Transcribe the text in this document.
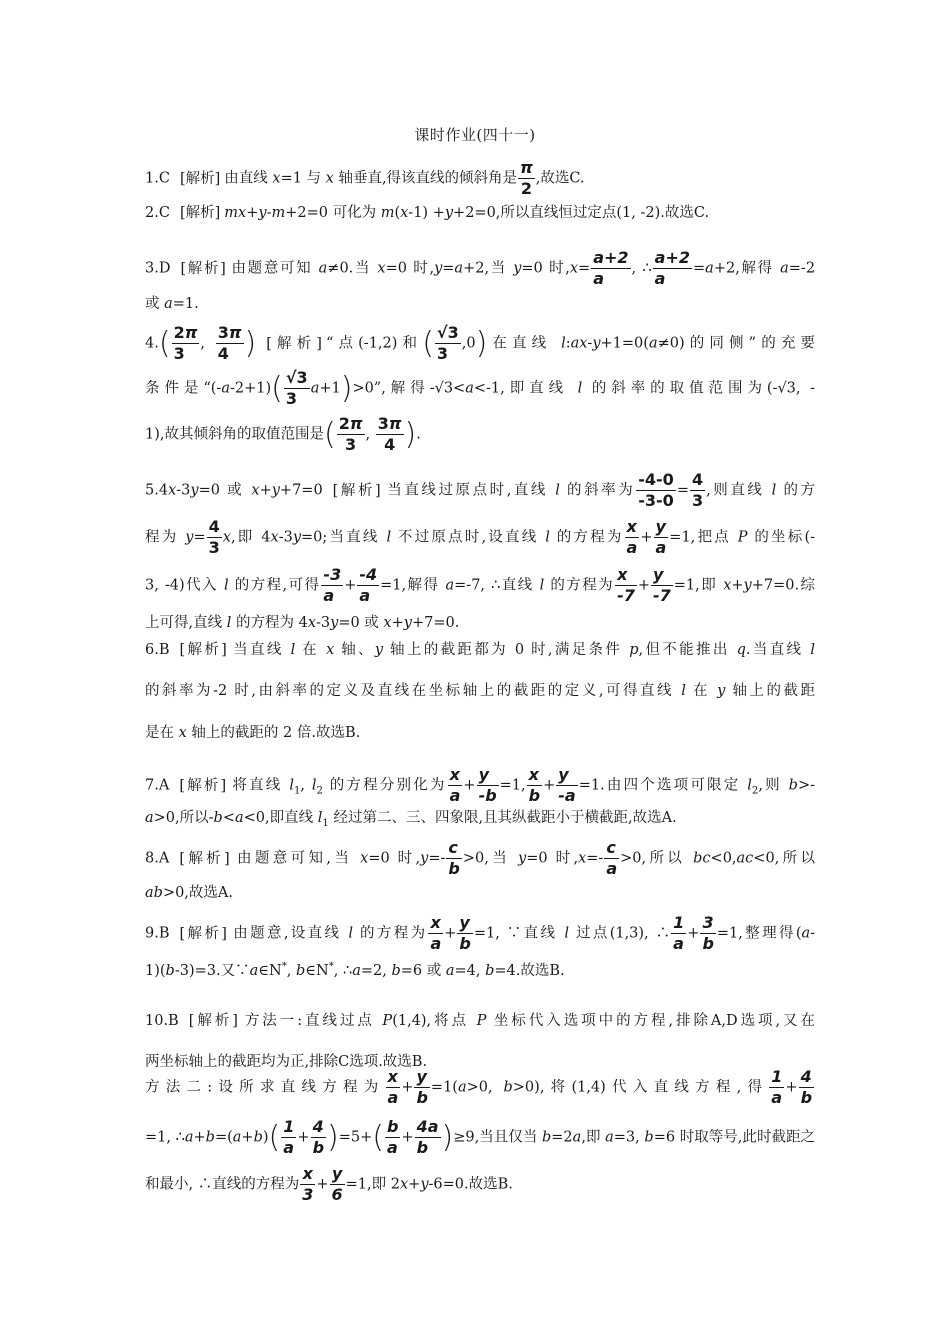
课时作业(四十一)
1.C [解析] 由直线 x=1 与 x 轴垂直,得该直线的倾斜角是 $\frac{\pi}{2}$ ,故选C.
2.C [解析] mx+y-m+2=0 可化为 m(x-1) +y+2=0,所以直线恒过定点(1, -2).故选C.
3.D [解析] 由题意可知 a≠0.当 x=0 时,y=a+2,当 y=0 时$,x= \frac{a+2}{a}$ , ∴ $\frac{a+2}{a} =a+2$,解得 a=-2
或 a=1.
$4.( \frac{2\pi}{3}$ , $\frac{3\pi}{4}$ ) [解析] “点(-1,2)和( $\frac{√3}{3} ,0$)在直线 l:ax-y+1=0(a≠0)的同侧”的充要
条件是“$(-a-2+1)( \frac{√3}{3} a+1)>0$”,解得-√3<a<-1,即直线 l 的斜率的取值范围为(-√3, -
1),故其倾斜角的取值范围是( $\frac{2\pi}{3}$ , $\frac{3\pi}{4}$ ).
5.4x-3y=0 或 x+y+7=0 [解析] 当直线过原点时,直线 l 的斜率为 $\frac{-4-0}{-3-0} = \frac{4}{3}$ ,则直线 l 的方
程为 $y= \frac{4}{3} x$,即 4x-3y=0;当直线 l 不过原点时,设直线 l 的方程为 $\frac{x}{a} + \frac{y}{a} =1$,把点 P 的坐标(-
3, -4)代入 l 的方程,可得 $\frac{-3}{a} + \frac{-4}{a} =1$,解得 a=-7, ∴直线 l 的方程为 $\frac{x}{-7} + \frac{y}{-7} =1$,即 x+y+7=0.综
上可得,直线 l 的方程为 4x-3y=0 或 x+y+7=0.
6.B [解析] 当直线 l 在 x 轴、y 轴上的截距都为 0 时,满足条件 p,但不能推出 q.当直线 l
的斜率为-2 时,由斜率的定义及直线在坐标轴上的截距的定义,可得直线 l 在 y 轴上的截距
是在 x 轴上的截距的 2 倍.故选B.
7.A [解析] 将直线 $l_1$, $l_2$ 的方程分别化为 $\frac{x}{a} + \frac{y}{-b} =1$, $\frac{x}{b} + \frac{y}{-a} =1$.由四个选项可限定 $l_2$,则 b>-
a>0,所以-b<a<0,即直线 $l_1$ 经过第二、三、四象限,且其纵截距小于横截距,故选A.
8.A [解析] 由题意可知,当 x=0 时$,y=- \frac{c}{b} >0$,当 y=0 时$,x=- \frac{c}{a} >0$,所以 bc<0,ac<0,所以
ab>0,故选A.
9.B [解析] 由题意,设直线 l 的方程为 $\frac{x}{a} + \frac{y}{b} =1$, ∵直线 l 过点(1,3), ∴ $\frac{1}{a} + \frac{3}{b} =1$,整理得(a-
1)(b-3)=3.又∵a∈N*, b∈N*, ∴a=2, b=6 或 a=4, b=4.故选B.
10.B [解析] 方法一:直线过点 P(1,4),将点 P 坐标代入选项中的方程,排除A,D选项,又在
两坐标轴上的截距均为正,排除C选项.故选B.
方法二:设所求直线方程为 $\frac{x}{a} + \frac{y}{b} =1(a>0$, b>0),将(1,4)代入直线方程,得 $\frac{1}{a} + \frac{4}{b}$
=1, ∴a+b=(a+b)( $\frac{1}{a} + \frac{4}{b} )=5+( \frac{b}{a} + \frac{4a}{b} )\ge 9$,当且仅当 b=2a,即 a=3, b=6 时取等号,此时截距之
和最小, ∴直线的方程为 $\frac{x}{3} + \frac{y}{6} =1$,即 2x+y-6=0.故选B.
